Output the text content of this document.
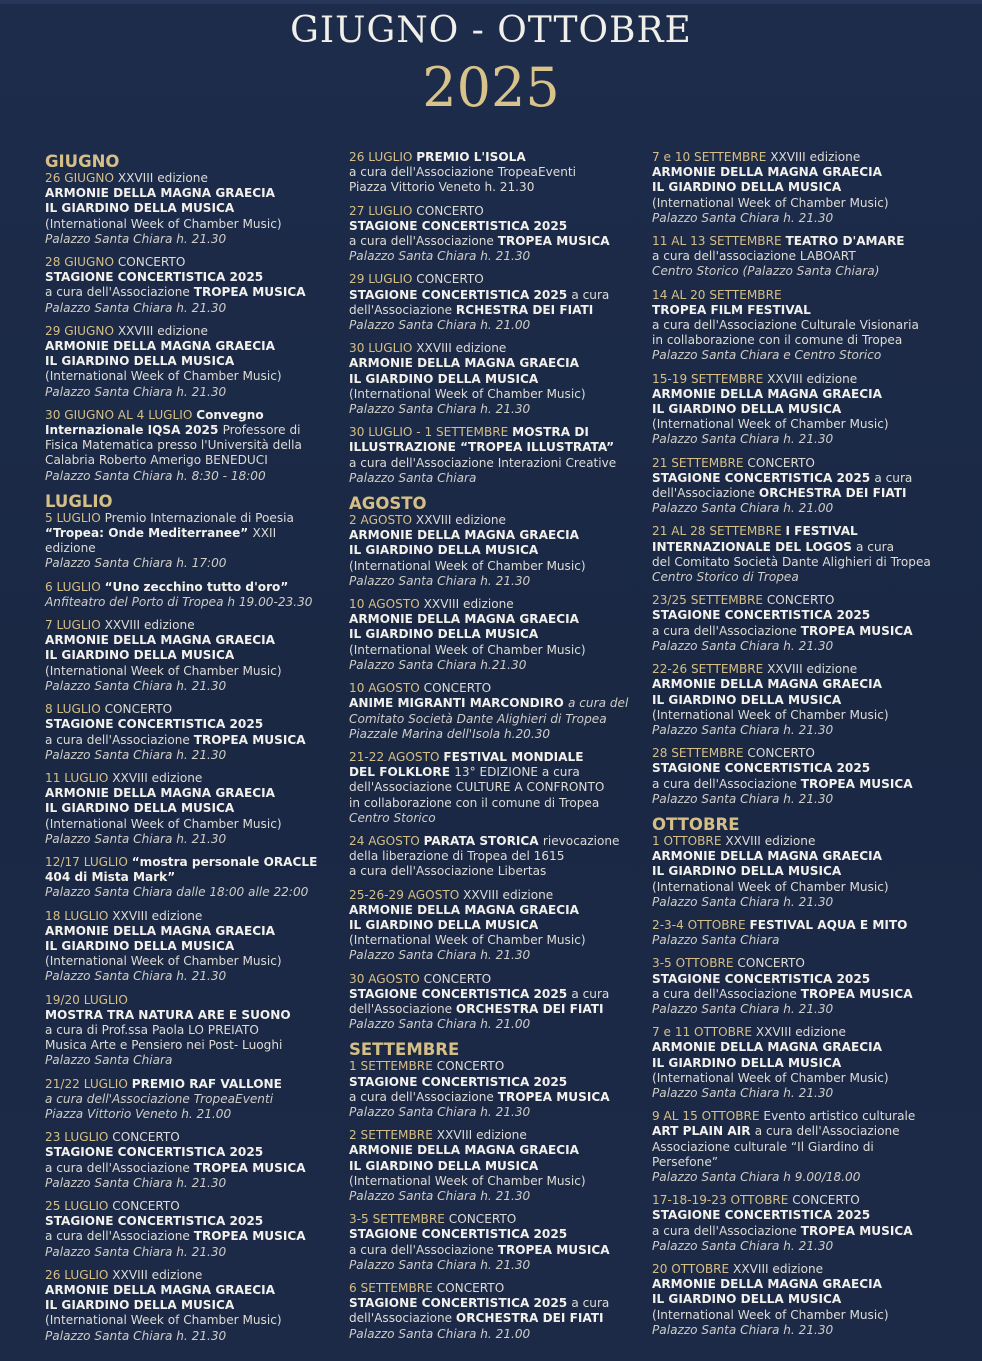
GIUGNO - OTTOBRE
2025
GIUGNO

26 GIUGNO XXVIII edizione

ARMONIE DELLA MAGNA GRAECIA

IL GIARDINO DELLA MUSICA

(International Week of Chamber Music)

Palazzo Santa Chiara h. 21.30

28 GIUGNO CONCERTO

STAGIONE CONCERTISTICA 2025

a cura dell'Associazione TROPEA MUSICA

Palazzo Santa Chiara h. 21.30

29 GIUGNO XXVIII edizione

ARMONIE DELLA MAGNA GRAECIA

IL GIARDINO DELLA MUSICA

(International Week of Chamber Music)

Palazzo Santa Chiara h. 21.30

30 GIUGNO AL 4 LUGLIO Convegno

Internazionale IQSA 2025 Professore di

Fisica Matematica presso l'Università della

Calabria Roberto Amerigo BENEDUCI

Palazzo Santa Chiara h. 8:30 - 18:00

LUGLIO

5 LUGLIO Premio Internazionale di Poesia

“Tropea: Onde Mediterranee” XXII edizione

Palazzo Santa Chiara h. 17:00

6 LUGLIO “Uno zecchino tutto d'oro”

Anfiteatro del Porto di Tropea h 19.00-23.30

7 LUGLIO XXVIII edizione

ARMONIE DELLA MAGNA GRAECIA

IL GIARDINO DELLA MUSICA

(International Week of Chamber Music)

Palazzo Santa Chiara h. 21.30

8 LUGLIO CONCERTO

STAGIONE CONCERTISTICA 2025

a cura dell'Associazione TROPEA MUSICA

Palazzo Santa Chiara h. 21.30

11 LUGLIO XXVIII edizione

ARMONIE DELLA MAGNA GRAECIA

IL GIARDINO DELLA MUSICA

(International Week of Chamber Music)

Palazzo Santa Chiara h. 21.30

12/17 LUGLIO “mostra personale ORACLE

404 di Mista Mark”

Palazzo Santa Chiara dalle 18:00 alle 22:00

18 LUGLIO XXVIII edizione

ARMONIE DELLA MAGNA GRAECIA

IL GIARDINO DELLA MUSICA

(International Week of Chamber Music)

Palazzo Santa Chiara h. 21.30

19/20 LUGLIO

MOSTRA TRA NATURA ARE E SUONO

a cura di Prof.ssa Paola LO PREIATO

Musica Arte e Pensiero nei Post- Luoghi

Palazzo Santa Chiara

21/22 LUGLIO PREMIO RAF VALLONE

a cura dell'Associazione TropeaEventi

Piazza Vittorio Veneto h. 21.00

23 LUGLIO CONCERTO

STAGIONE CONCERTISTICA 2025

a cura dell'Associazione TROPEA MUSICA

Palazzo Santa Chiara h. 21.30

25 LUGLIO CONCERTO

STAGIONE CONCERTISTICA 2025

a cura dell'Associazione TROPEA MUSICA

Palazzo Santa Chiara h. 21.30

26 LUGLIO XXVIII edizione

ARMONIE DELLA MAGNA GRAECIA

IL GIARDINO DELLA MUSICA

(International Week of Chamber Music)

Palazzo Santa Chiara h. 21.30

26 LUGLIO PREMIO L'ISOLA

a cura dell'Associazione TropeaEventi

Piazza Vittorio Veneto h. 21.30

27 LUGLIO CONCERTO

STAGIONE CONCERTISTICA 2025

a cura dell'Associazione TROPEA MUSICA

Palazzo Santa Chiara h. 21.30

29 LUGLIO CONCERTO

STAGIONE CONCERTISTICA 2025 a cura

dell'Associazione RCHESTRA DEI FIATI

Palazzo Santa Chiara h. 21.00

30 LUGLIO XXVIII edizione

ARMONIE DELLA MAGNA GRAECIA

IL GIARDINO DELLA MUSICA

(International Week of Chamber Music)

Palazzo Santa Chiara h. 21.30

30 LUGLIO - 1 SETTEMBRE MOSTRA DI

ILLUSTRAZIONE “TROPEA ILLUSTRATA”

a cura dell'Associazione Interazioni Creative

Palazzo Santa Chiara

AGOSTO

2 AGOSTO XXVIII edizione

ARMONIE DELLA MAGNA GRAECIA

IL GIARDINO DELLA MUSICA

(International Week of Chamber Music)

Palazzo Santa Chiara h. 21.30

10 AGOSTO XXVIII edizione

ARMONIE DELLA MAGNA GRAECIA

IL GIARDINO DELLA MUSICA

(International Week of Chamber Music)

Palazzo Santa Chiara h.21.30

10 AGOSTO CONCERTO

ANIME MIGRANTI MARCONDIRO a cura del

Comitato Società Dante Alighieri di Tropea

Piazzale Marina dell'Isola h.20.30

21-22 AGOSTO FESTIVAL MONDIALE

DEL FOLKLORE 13° EDIZIONE a cura

dell'Associazione CULTURE A CONFRONTO

in collaborazione con il comune di Tropea

Centro Storico

24 AGOSTO PARATA STORICA rievocazione

della liberazione di Tropea del 1615

a cura dell'Associazione Libertas

25-26-29 AGOSTO XXVIII edizione

ARMONIE DELLA MAGNA GRAECIA

IL GIARDINO DELLA MUSICA

(International Week of Chamber Music)

Palazzo Santa Chiara h. 21.30

30 AGOSTO CONCERTO

STAGIONE CONCERTISTICA 2025 a cura

dell'Associazione ORCHESTRA DEI FIATI

Palazzo Santa Chiara h. 21.00

SETTEMBRE

1 SETTEMBRE CONCERTO

STAGIONE CONCERTISTICA 2025

a cura dell'Associazione TROPEA MUSICA

Palazzo Santa Chiara h. 21.30

2 SETTEMBRE XXVIII edizione

ARMONIE DELLA MAGNA GRAECIA

IL GIARDINO DELLA MUSICA

(International Week of Chamber Music)

Palazzo Santa Chiara h. 21.30

3-5 SETTEMBRE CONCERTO

STAGIONE CONCERTISTICA 2025

a cura dell'Associazione TROPEA MUSICA

Palazzo Santa Chiara h. 21.30

6 SETTEMBRE CONCERTO

STAGIONE CONCERTISTICA 2025 a cura

dell'Associazione ORCHESTRA DEI FIATI

Palazzo Santa Chiara h. 21.00

7 e 10 SETTEMBRE XXVIII edizione

ARMONIE DELLA MAGNA GRAECIA

IL GIARDINO DELLA MUSICA

(International Week of Chamber Music)

Palazzo Santa Chiara h. 21.30

11 AL 13 SETTEMBRE TEATRO D'AMARE

a cura dell'associazione LABOART

Centro Storico (Palazzo Santa Chiara)

14 AL 20 SETTEMBRE

TROPEA FILM FESTIVAL

a cura dell'Associazione Culturale Visionaria

in collaborazione con il comune di Tropea

Palazzo Santa Chiara e Centro Storico

15-19 SETTEMBRE XXVIII edizione

ARMONIE DELLA MAGNA GRAECIA

IL GIARDINO DELLA MUSICA

(International Week of Chamber Music)

Palazzo Santa Chiara h. 21.30

21 SETTEMBRE CONCERTO

STAGIONE CONCERTISTICA 2025 a cura

dell'Associazione ORCHESTRA DEI FIATI

Palazzo Santa Chiara h. 21.00

21 AL 28 SETTEMBRE I FESTIVAL

INTERNAZIONALE DEL LOGOS a cura

del Comitato Società Dante Alighieri di Tropea

Centro Storico di Tropea

23/25 SETTEMBRE CONCERTO

STAGIONE CONCERTISTICA 2025

a cura dell'Associazione TROPEA MUSICA

Palazzo Santa Chiara h. 21.30

22-26 SETTEMBRE XXVIII edizione

ARMONIE DELLA MAGNA GRAECIA

IL GIARDINO DELLA MUSICA

(International Week of Chamber Music)

Palazzo Santa Chiara h. 21.30

28 SETTEMBRE CONCERTO

STAGIONE CONCERTISTICA 2025

a cura dell'Associazione TROPEA MUSICA

Palazzo Santa Chiara h. 21.30

OTTOBRE

1 OTTOBRE XXVIII edizione

ARMONIE DELLA MAGNA GRAECIA

IL GIARDINO DELLA MUSICA

(International Week of Chamber Music)

Palazzo Santa Chiara h. 21.30

2-3-4 OTTOBRE FESTIVAL AQUA E MITO

Palazzo Santa Chiara

3-5 OTTOBRE CONCERTO

STAGIONE CONCERTISTICA 2025

a cura dell'Associazione TROPEA MUSICA

Palazzo Santa Chiara h. 21.30

7 e 11 OTTOBRE XXVIII edizione

ARMONIE DELLA MAGNA GRAECIA

IL GIARDINO DELLA MUSICA

(International Week of Chamber Music)

Palazzo Santa Chiara h. 21.30

9 AL 15 OTTOBRE Evento artistico culturale

ART PLAIN AIR a cura dell'Associazione

Associazione culturale “Il Giardino di Persefone”

Palazzo Santa Chiara h 9.00/18.00

17-18-19-23 OTTOBRE CONCERTO

STAGIONE CONCERTISTICA 2025

a cura dell'Associazione TROPEA MUSICA

Palazzo Santa Chiara h. 21.30

20 OTTOBRE XXVIII edizione

ARMONIE DELLA MAGNA GRAECIA

IL GIARDINO DELLA MUSICA

(International Week of Chamber Music)

Palazzo Santa Chiara h. 21.30
